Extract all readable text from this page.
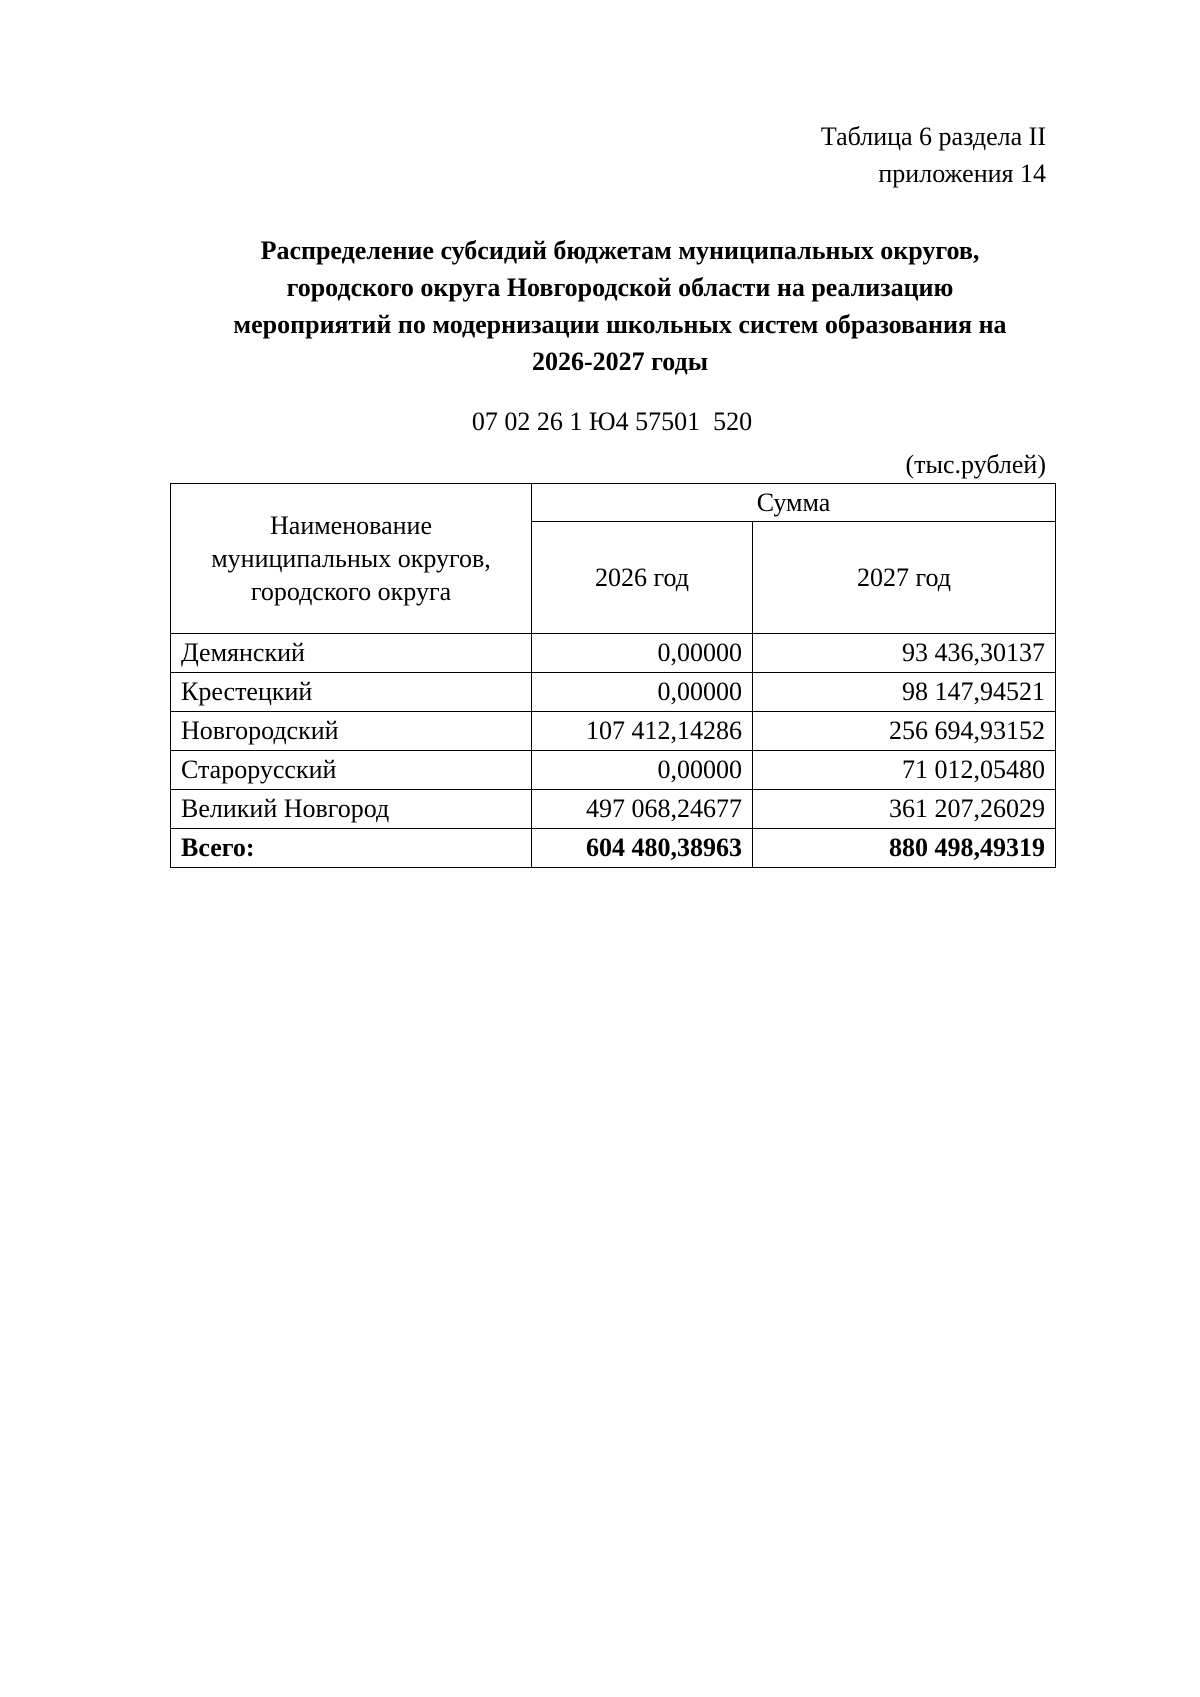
Таблица 6 раздела II
приложения 14
Распределение субсидий бюджетам муниципальных округов,
городского округа Новгородской области на реализацию
мероприятий по модернизации школьных систем образования на
2026-2027 годы
07 02 26 1 Ю4 57501  520
(тыс.рублей)
Наименование
муниципальных округов,
городского округа	Сумма	
	2026 год	2027 год
Демянский	0,00000	93 436,30137
Крестецкий	0,00000	98 147,94521
Новгородский	107 412,14286	256 694,93152
Старорусский	0,00000	71 012,05480
Великий Новгород	497 068,24677	361 207,26029
Всего:	604 480,38963	880 498,49319
